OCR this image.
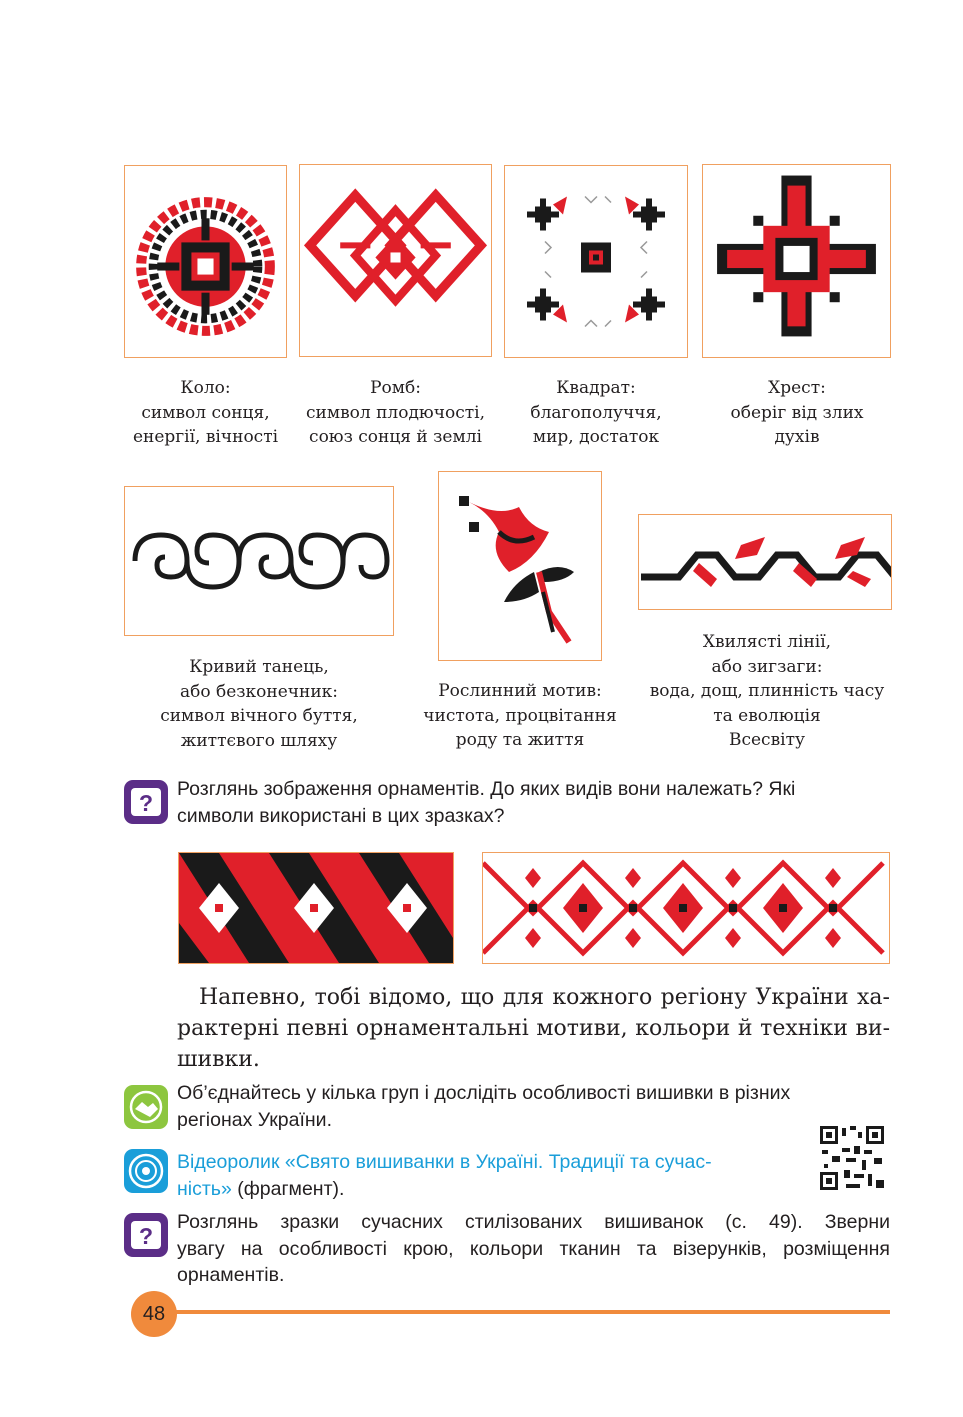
Коло:
символ сонця,
енергії, вічності
Ромб:
символ плодючості,
союз сонця й землі
Квадрат:
благополуччя,
мир, достаток
Хрест:
оберіг від злих
духів
Кривий танець,
або безконечник:
символ вічного буття,
життєвого шляху
Рослинний мотив:
чистота, процвітання
роду та життя
Хвилясті лінії,
або зигзаги:
вода, дощ, плинність часу
та еволюція
Всесвіту
?
Розглянь зображення орнаментів. До яких видів вони належать? Які
символи використані в цих зразках?
Напевно, тобі відомо, що для кожного регіону України ха-
рактерні певні орнаментальні мотиви, кольори й техніки ви-
шивки.
Об’єднайтесь у кілька груп і дослідіть особливості вишивки в різних
регіонах України.
Відеоролик «Свято вишиванки в Україні. Традиції та сучас-
ність» (фрагмент).
?
Розглянь зразки сучасних стилізованих вишиванок (с. 49). Зверни
увагу на особливості крою, кольори тканин та візерунків, розміщення
орнаментів.
48
